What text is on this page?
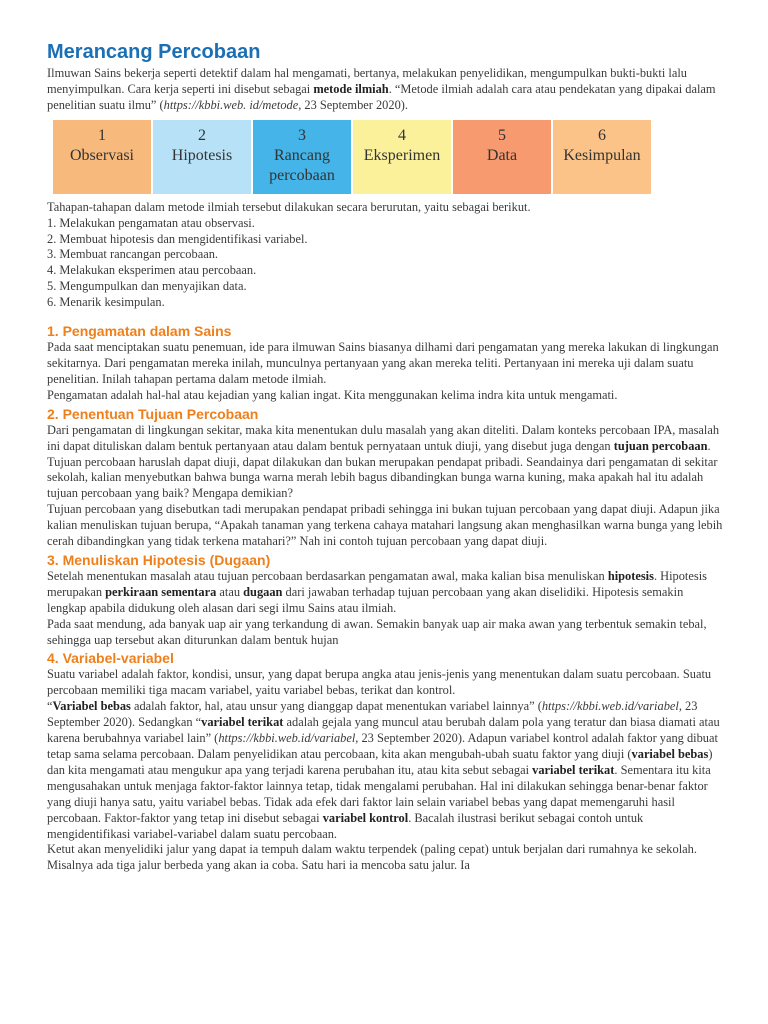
Merancang Percobaan

Ilmuwan Sains bekerja seperti detektif dalam hal mengamati, bertanya, melakukan penyelidikan, mengumpulkan bukti-bukti lalu menyimpulkan. Cara kerja seperti ini disebut sebagai metode ilmiah. “Metode ilmiah adalah cara atau pendekatan yang dipakai dalam penelitian suatu ilmu” (https://kbbi.web. id/metode, 23 September 2020).

1
Observasi
2
Hipotesis
3
Rancang percobaan
4
Eksperimen
5
Data
6
Kesimpulan
Tahapan-tahapan dalam metode ilmiah tersebut dilakukan secara berurutan, yaitu sebagai berikut.
1. Melakukan pengamatan atau observasi.
2. Membuat hipotesis dan mengidentifikasi variabel.
3. Membuat rancangan percobaan.
4. Melakukan eksperimen atau percobaan.
5. Mengumpulkan dan menyajikan data.
6. Menarik kesimpulan.
1. Pengamatan dalam Sains

Pada saat menciptakan suatu penemuan, ide para ilmuwan Sains biasanya dilhami dari pengamatan yang mereka lakukan di lingkungan sekitarnya. Dari pengamatan mereka inilah, munculnya pertanyaan yang akan mereka teliti. Pertanyaan ini mereka uji dalam suatu penelitian. Inilah tahapan pertama dalam metode ilmiah.

Pengamatan adalah hal-hal atau kejadian yang kalian ingat. Kita menggunakan kelima indra kita untuk mengamati.

2. Penentuan Tujuan Percobaan

Dari pengamatan di lingkungan sekitar, maka kita menentukan dulu masalah yang akan diteliti. Dalam konteks percobaan IPA, masalah ini dapat dituliskan dalam bentuk pertanyaan atau dalam bentuk pernyataan untuk diuji, yang disebut juga dengan tujuan percobaan.

Tujuan percobaan haruslah dapat diuji, dapat dilakukan dan bukan merupakan pendapat pribadi. Seandainya dari pengamatan di sekitar sekolah, kalian menyebutkan bahwa bunga warna merah lebih bagus dibandingkan bunga warna kuning, maka apakah hal itu adalah tujuan percobaan yang baik? Mengapa demikian?

Tujuan percobaan yang disebutkan tadi merupakan pendapat pribadi sehingga ini bukan tujuan percobaan yang dapat diuji. Adapun jika kalian menuliskan tujuan berupa, “Apakah tanaman yang terkena cahaya matahari langsung akan menghasilkan warna bunga yang lebih cerah dibandingkan yang tidak terkena matahari?” Nah ini contoh tujuan percobaan yang dapat diuji.

3. Menuliskan Hipotesis (Dugaan)

Setelah menentukan masalah atau tujuan percobaan berdasarkan pengamatan awal, maka kalian bisa menuliskan hipotesis. Hipotesis merupakan perkiraan sementara atau dugaan dari jawaban terhadap tujuan percobaan yang akan diselidiki. Hipotesis semakin lengkap apabila didukung oleh alasan dari segi ilmu Sains atau ilmiah.

Pada saat mendung, ada banyak uap air yang terkandung di awan. Semakin banyak uap air maka awan yang terbentuk semakin tebal, sehingga uap tersebut akan diturunkan dalam bentuk hujan

4. Variabel-variabel

Suatu variabel adalah faktor, kondisi, unsur, yang dapat berupa angka atau jenis-jenis yang menentukan dalam suatu percobaan. Suatu percobaan memiliki tiga macam variabel, yaitu variabel bebas, terikat dan kontrol.

“Variabel bebas adalah faktor, hal, atau unsur yang dianggap dapat menentukan variabel lainnya” (https://kbbi.web.id/variabel, 23 September 2020). Sedangkan “variabel terikat adalah gejala yang muncul atau berubah dalam pola yang teratur dan biasa diamati atau karena berubahnya variabel lain” (https://kbbi.web.id/variabel, 23 September 2020). Adapun variabel kontrol adalah faktor yang dibuat tetap sama selama percobaan. Dalam penyelidikan atau percobaan, kita akan mengubah-ubah suatu faktor yang diuji (variabel bebas) dan kita mengamati atau mengukur apa yang terjadi karena perubahan itu, atau kita sebut sebagai variabel terikat. Sementara itu kita mengusahakan untuk menjaga faktor-faktor lainnya tetap, tidak mengalami perubahan. Hal ini dilakukan sehingga benar-benar faktor yang diuji hanya satu, yaitu variabel bebas. Tidak ada efek dari faktor lain selain variabel bebas yang dapat memengaruhi hasil percobaan. Faktor-faktor yang tetap ini disebut sebagai variabel kontrol. Bacalah ilustrasi berikut sebagai contoh untuk mengidentifikasi variabel-variabel dalam suatu percobaan.

Ketut akan menyelidiki jalur yang dapat ia tempuh dalam waktu terpendek (paling cepat) untuk berjalan dari rumahnya ke sekolah. Misalnya ada tiga jalur berbeda yang akan ia coba. Satu hari ia mencoba satu jalur. Ia
